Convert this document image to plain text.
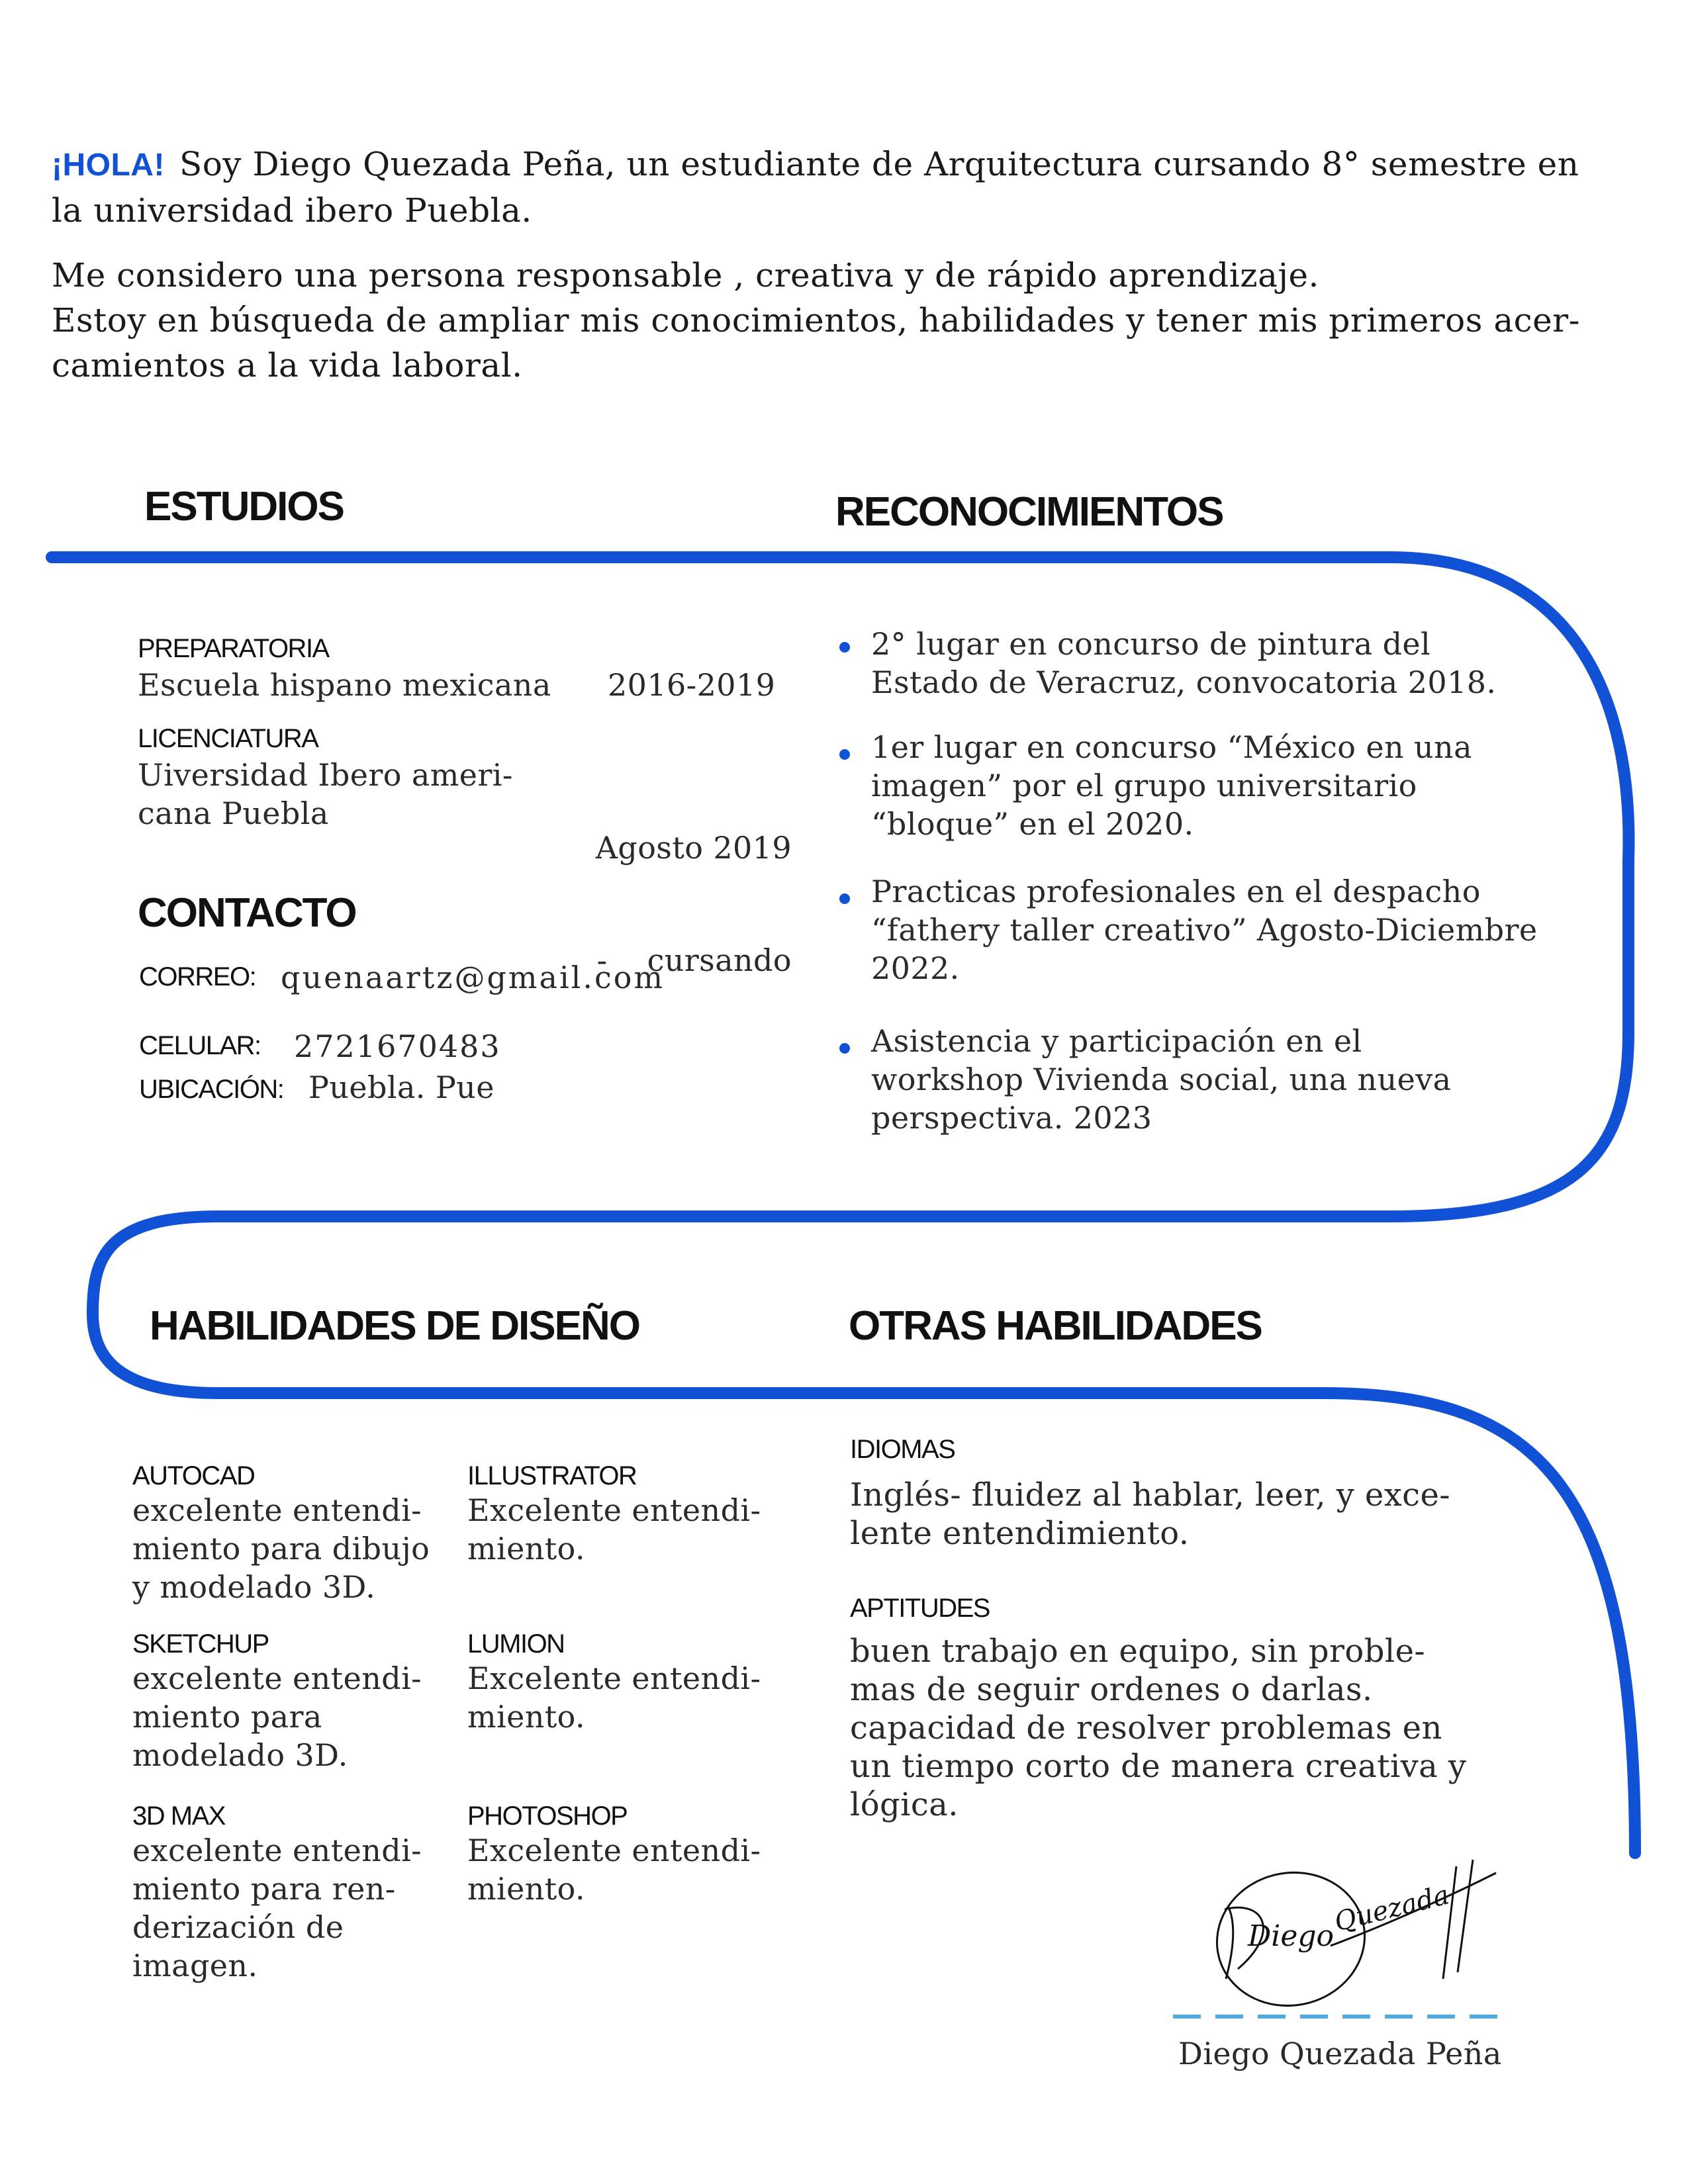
¡HOLA! Soy Diego Quezada Peña, un estudiante de Arquitectura cursando 8° semestre en
la universidad ibero Puebla.
Me considero una persona responsable , creativa y de rápido aprendizaje.
Estoy en búsqueda de ampliar mis conocimientos, habilidades y tener mis primeros acer-
camientos a la vida laboral.
ESTUDIOS
PREPARATORIA
Escuela hispano mexicana 2016-2019
LICENCIATURA
Uiversidad Ibero ameri-
cana Puebla

Agosto 2019

-    cursando

CONTACTO
CORREO: quenaartz@gmail.com
CELULAR: 2721670483
UBICACIÓN: Puebla. Pue
RECONOCIMIENTOS
2° lugar en concurso de pintura del
Estado de Veracruz, convocatoria 2018.
1er lugar en concurso “México en una
imagen” por el grupo universitario
“bloque” en el 2020.
Practicas profesionales en el despacho
“fathery taller creativo” Agosto-Diciembre
2022.
Asistencia y participación en el
workshop Vivienda social, una nueva
perspectiva. 2023
HABILIDADES DE DISEÑO
AUTOCAD
excelente entendi-
miento para dibujo
y modelado 3D.
SKETCHUP
excelente entendi-
miento para
modelado 3D.
3D MAX
excelente entendi-
miento para ren-
derización de
imagen.
ILLUSTRATOR
Excelente entendi-
miento.
LUMION
Excelente entendi-
miento.
PHOTOSHOP
Excelente entendi-
miento.
OTRAS HABILIDADES
IDIOMAS
Inglés- fluidez al hablar, leer, y exce-
lente entendimiento.
APTITUDES
buen trabajo en equipo, sin proble-
mas de seguir ordenes o darlas.
capacidad de resolver problemas en
un tiempo corto de manera creativa y
lógica.
Diego
Quezada
Diego Quezada Peña
